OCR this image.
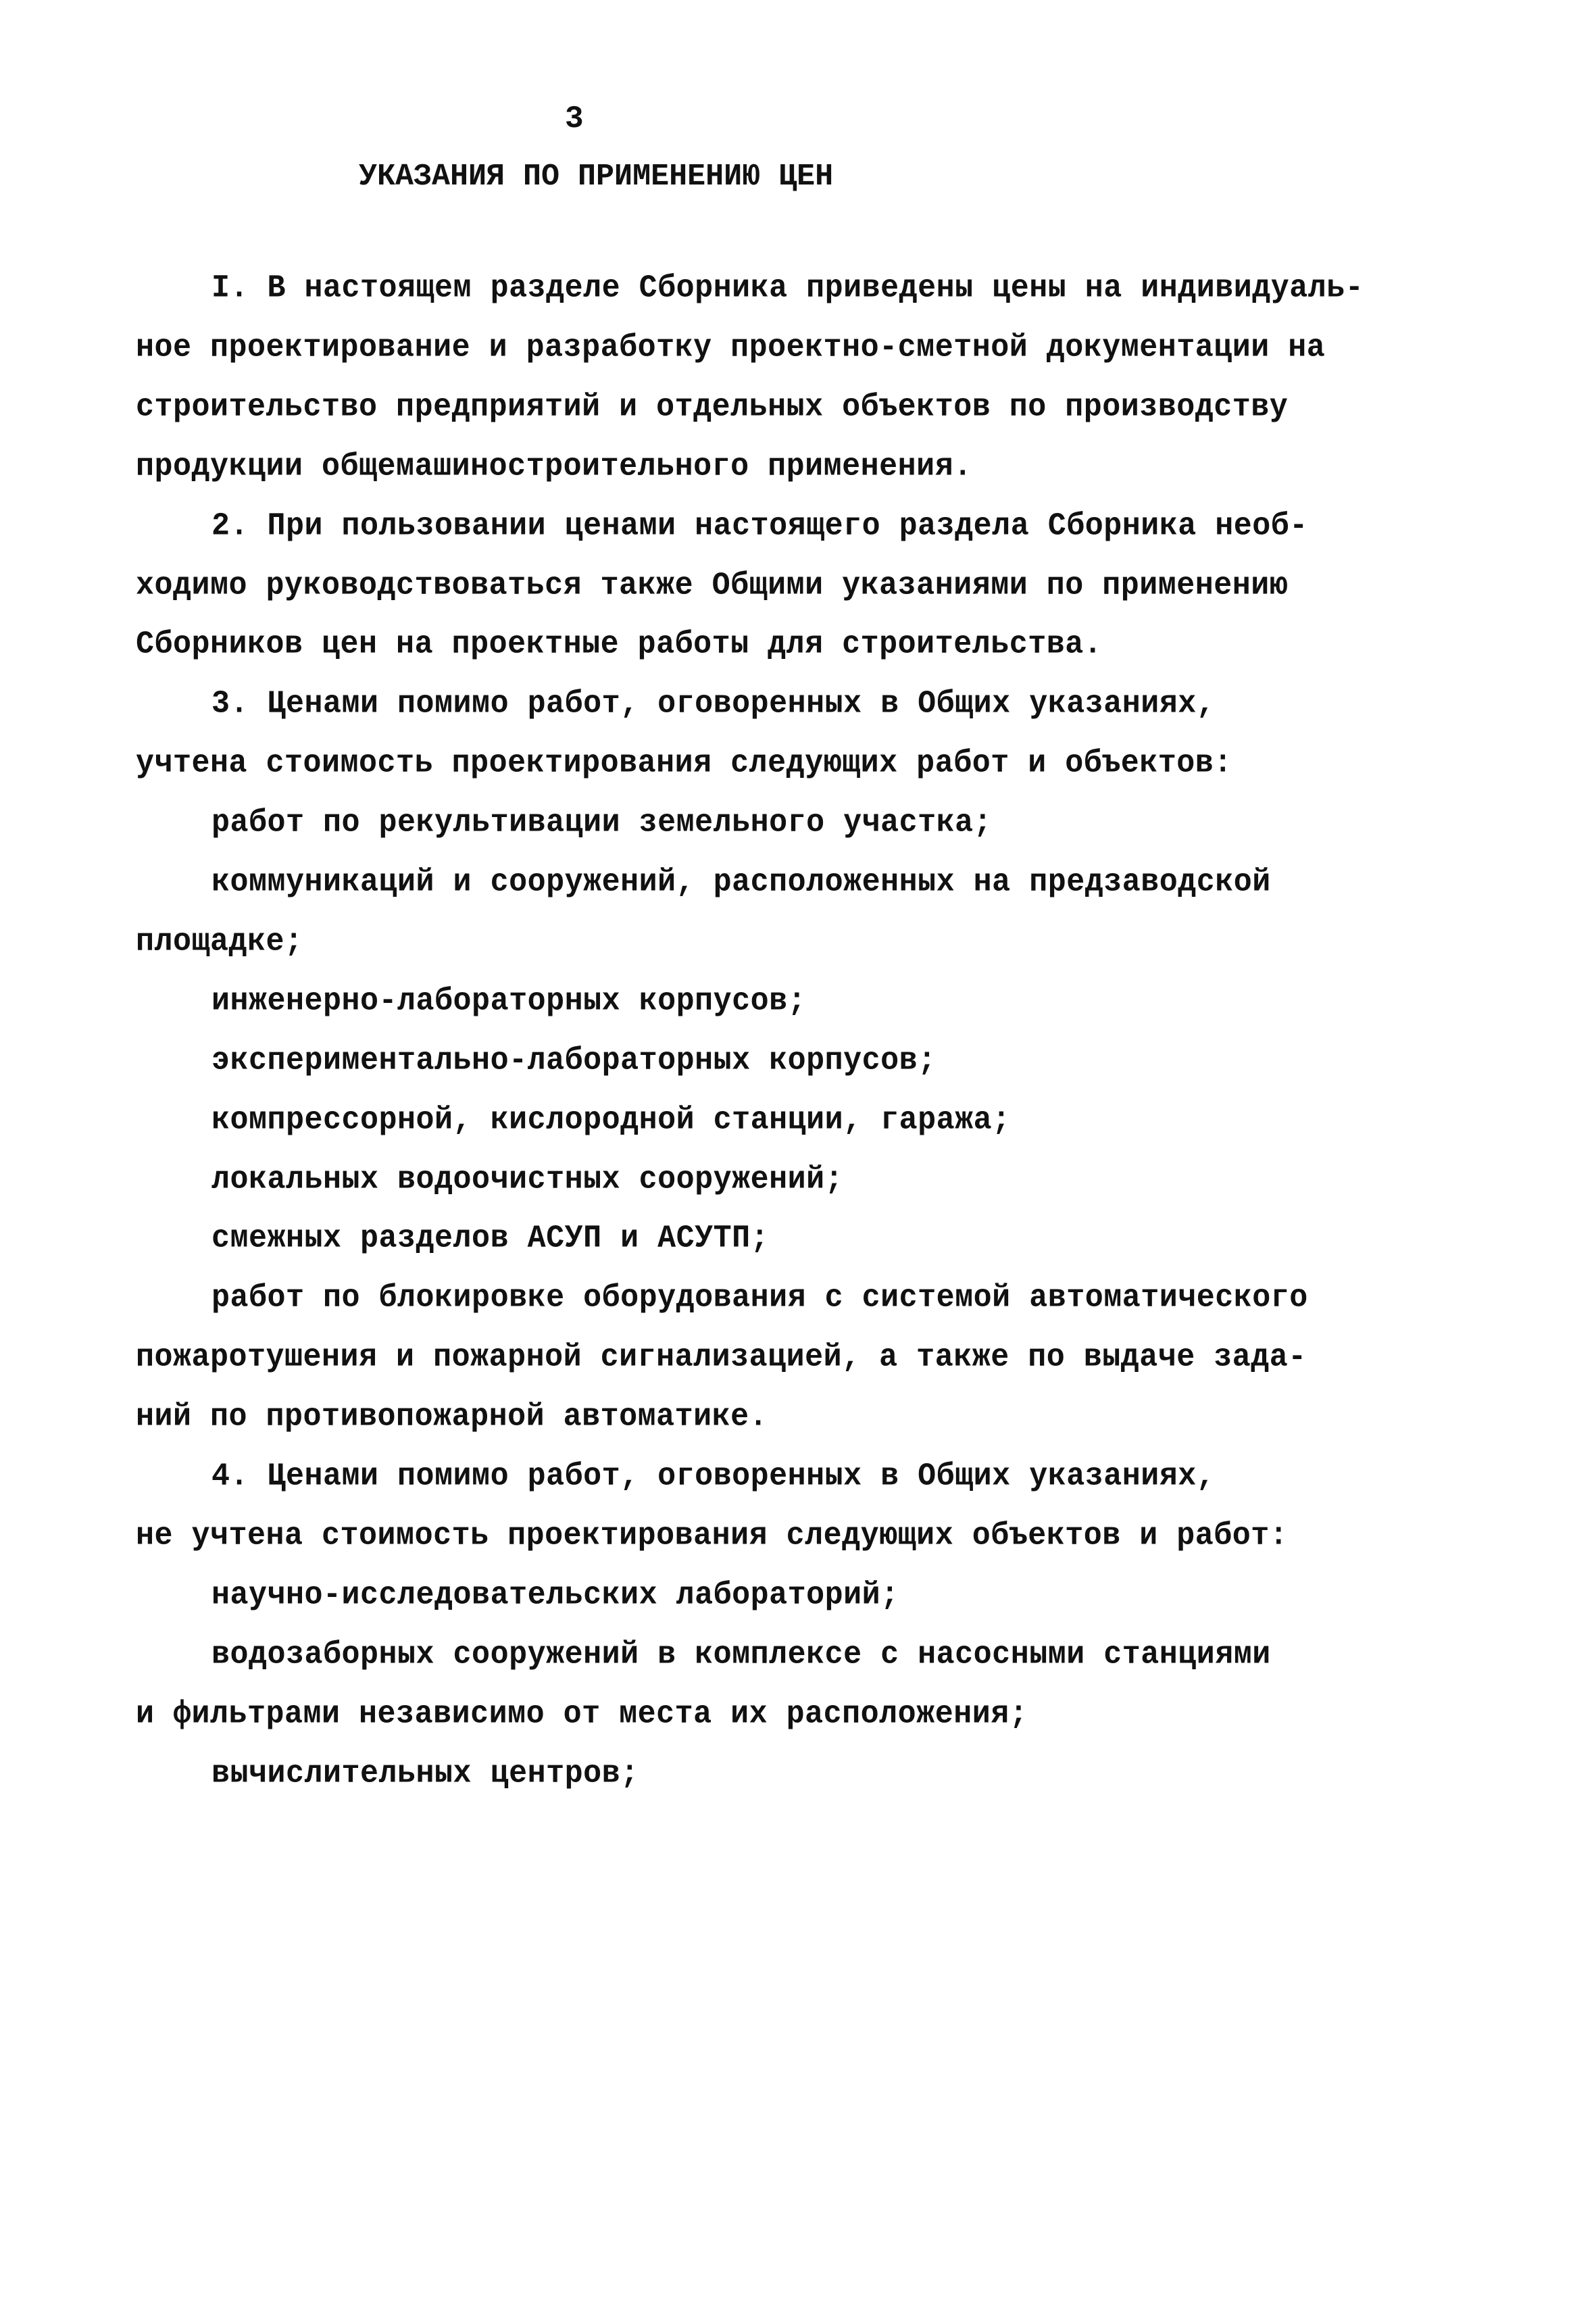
3
УКАЗАНИЯ ПО ПРИМЕНЕНИЮ ЦЕН
I. В настоящем разделе Сборника приведены цены на индивидуаль-
ное проектирование и разработку проектно-сметной документации на
строительство предприятий и отдельных объектов по производству
продукции общемашиностроительного применения.
2. При пользовании ценами настоящего раздела Сборника необ-
ходимо руководствоваться также Общими указаниями по применению
Сборников цен на проектные работы для строительства.
3. Ценами помимо работ, оговоренных в Общих указаниях,
учтена стоимость проектирования следующих работ и объектов:
работ по рекультивации земельного участка;
коммуникаций и сооружений, расположенных на предзаводской
площадке;
инженерно-лабораторных корпусов;
экспериментально-лабораторных корпусов;
компрессорной, кислородной станции, гаража;
локальных водоочистных сооружений;
смежных разделов АСУП и АСУТП;
работ по блокировке оборудования с системой автоматического
пожаротушения и пожарной сигнализацией, а также по выдаче зада-
ний по противопожарной автоматике.
4. Ценами помимо работ, оговоренных в Общих указаниях,
не учтена стоимость проектирования следующих объектов и работ:
научно-исследовательских лабораторий;
водозаборных сооружений в комплексе с насосными станциями
и фильтрами независимо от места их расположения;
вычислительных центров;
